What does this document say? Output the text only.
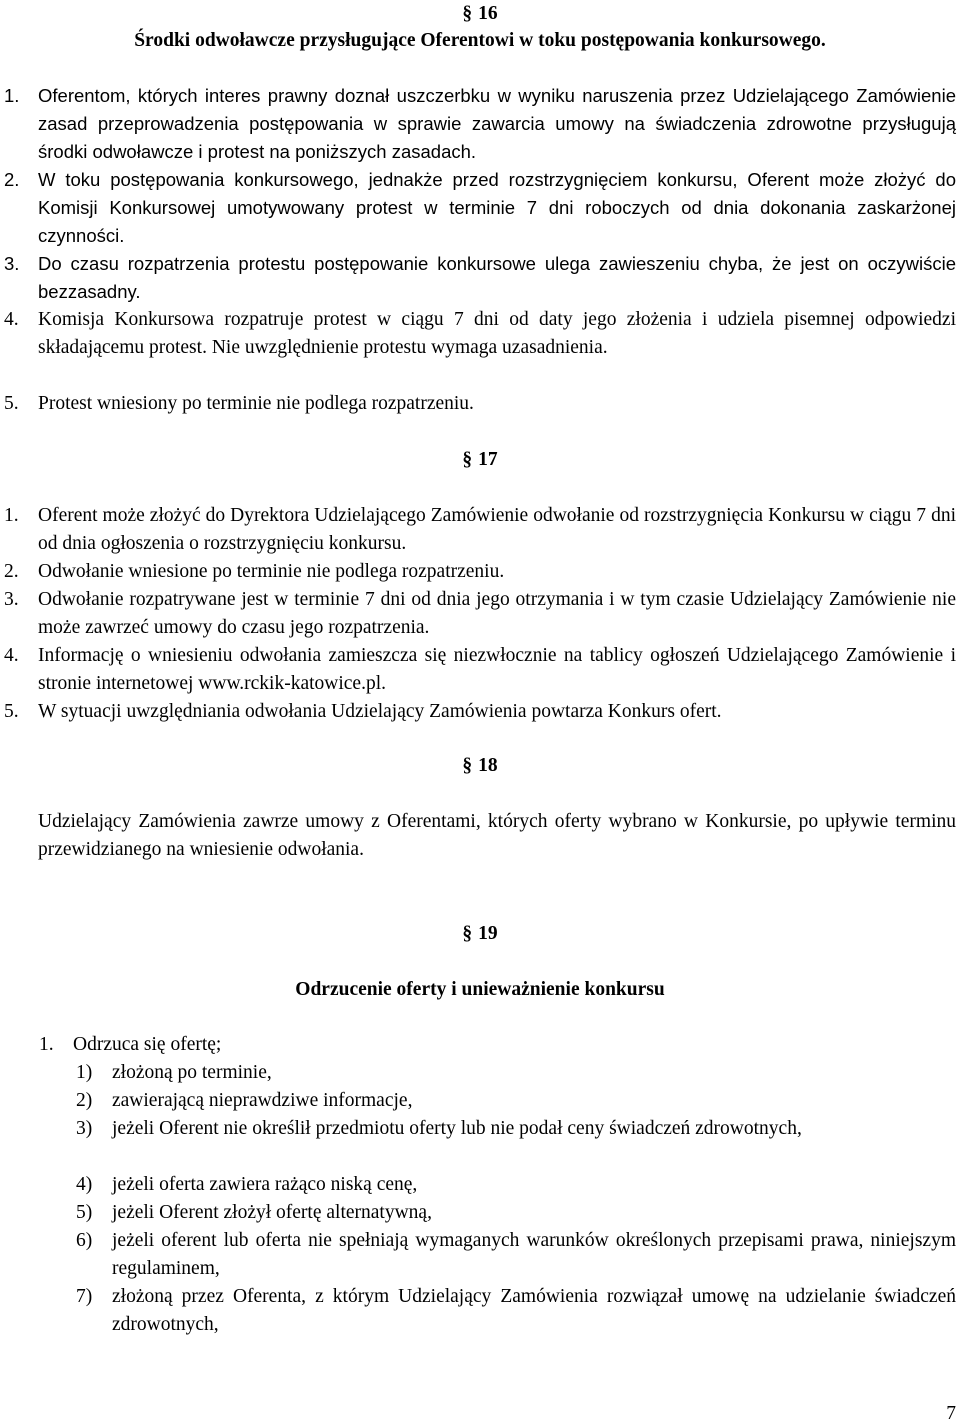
§ 16
Środki odwoławcze przysługujące Oferentowi w toku postępowania konkursowego.
1.	Oferentom, których interes prawny doznał uszczerbku w wyniku naruszenia przez Udzielającego Zamówienie zasad przeprowadzenia postępowania w sprawie zawarcia umowy na świadczenia zdrowotne przysługują środki odwoławcze i protest na poniższych zasadach.
2.	W toku postępowania konkursowego, jednakże przed rozstrzygnięciem konkursu, Oferent może złożyć do Komisji Konkursowej umotywowany protest w terminie 7 dni roboczych od dnia dokonania zaskarżonej czynności.
3.	Do czasu rozpatrzenia protestu postępowanie konkursowe ulega zawieszeniu chyba, że jest on oczywiście bezzasadny.
4. Komisja Konkursowa rozpatruje protest w ciągu 7 dni od daty jego złożenia i udziela pisemnej odpowiedzi składającemu protest. Nie uwzględnienie protestu wymaga uzasadnienia.
5. Protest wniesiony po terminie nie podlega rozpatrzeniu.
§ 17
1. Oferent może złożyć do Dyrektora Udzielającego Zamówienie odwołanie od rozstrzygnięcia Konkursu w ciągu 7 dni od dnia ogłoszenia o rozstrzygnięciu konkursu.
2. Odwołanie wniesione po terminie nie podlega rozpatrzeniu.
3. Odwołanie rozpatrywane jest w terminie 7 dni od dnia jego otrzymania i w tym czasie Udzielający Zamówienie nie może zawrzeć umowy do czasu jego rozpatrzenia.
4. Informację o wniesieniu odwołania zamieszcza się niezwłocznie na tablicy ogłoszeń Udzielającego Zamówienie i stronie internetowej www.rckik-katowice.pl.
5. W sytuacji uwzględniania odwołania Udzielający Zamówienia powtarza Konkurs ofert.
§ 18
Udzielający Zamówienia zawrze umowy z Oferentami, których oferty wybrano w Konkursie, po upływie terminu przewidzianego na wniesienie odwołania.
§ 19
Odrzucenie oferty i unieważnienie konkursu
1. Odrzuca się ofertę;
1)	złożoną po terminie,
2)	zawierającą nieprawdziwe informacje,
3)	jeżeli Oferent nie określił przedmiotu oferty lub nie podał ceny świadczeń zdrowotnych,
4)	jeżeli oferta zawiera rażąco niską cenę,
5)	jeżeli Oferent złożył ofertę alternatywną,
6)	jeżeli oferent lub oferta nie spełniają wymaganych warunków określonych przepisami prawa, niniejszym regulaminem,
7)	złożoną przez Oferenta, z którym Udzielający Zamówienia rozwiązał umowę na udzielanie świadczeń zdrowotnych,
7
